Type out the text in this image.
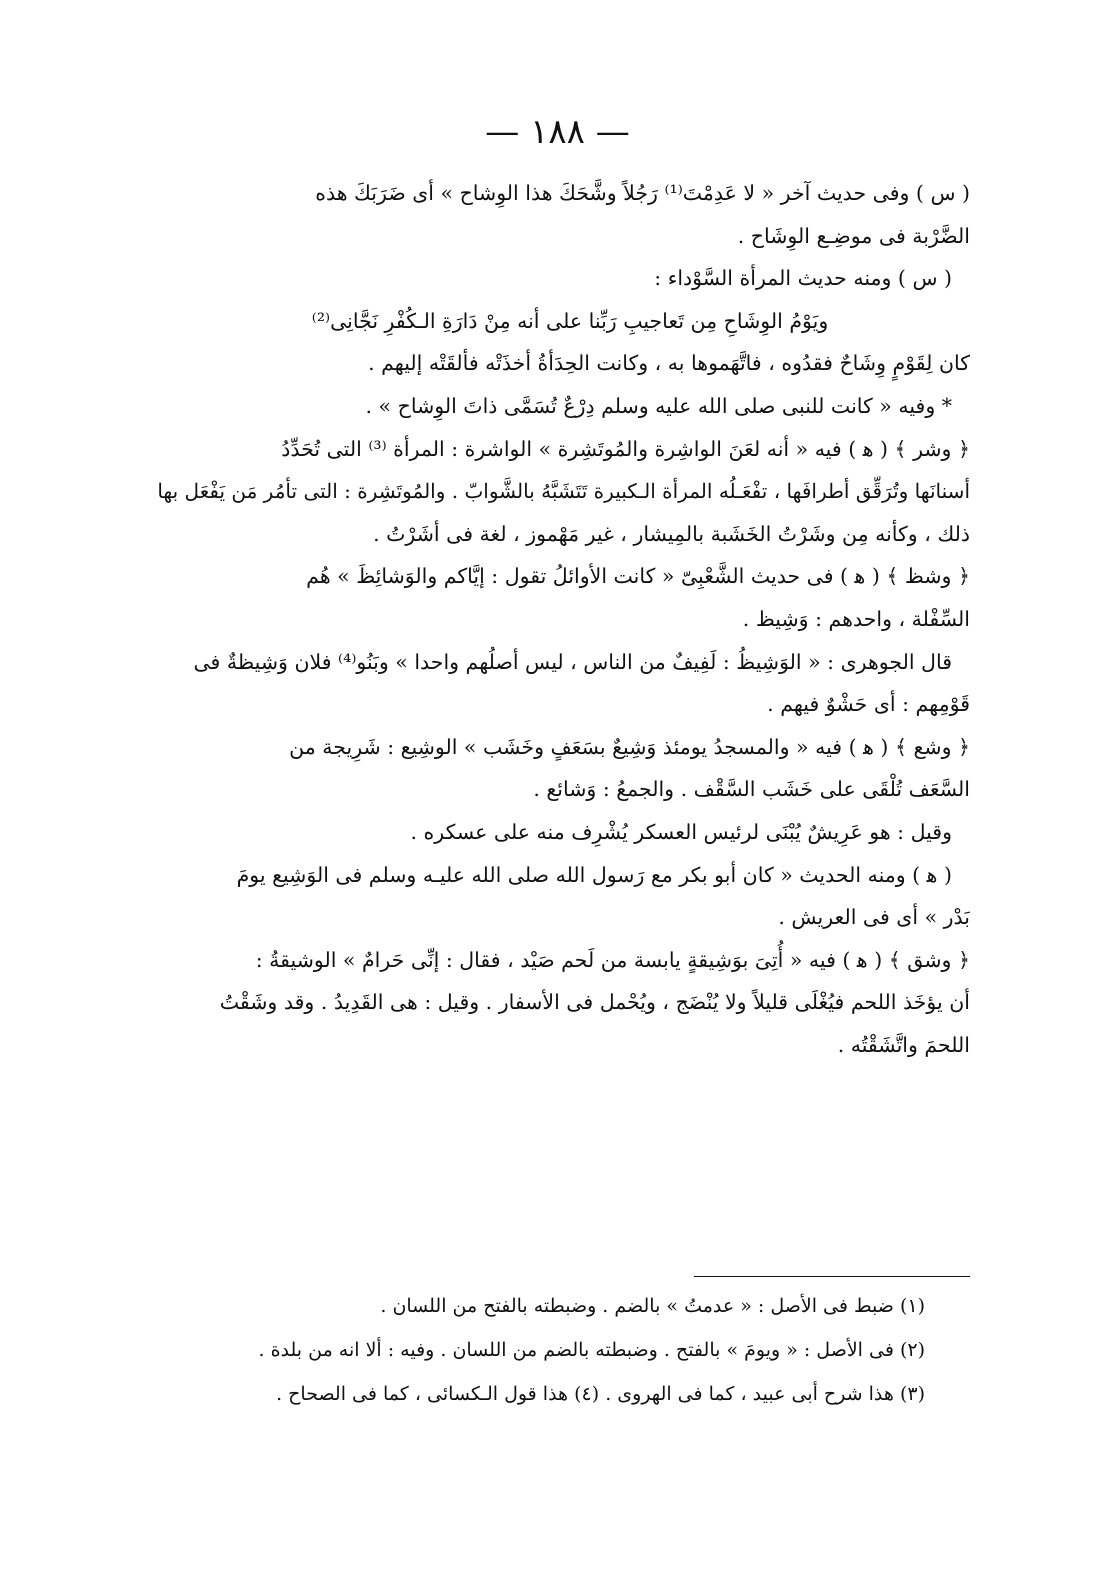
— ١٨٨ —
( س ) وفى حديث آخر « لا عَدِمْتَ⁽¹⁾ رَجُلاً وشَّحَكَ هذا الوِشاح » أى ضَرَبَكَ هذه
الضَّرْبة فى موضِـع الوِشَاح .
( س ) ومنه حديث المرأة السَّوْداء :
ويَوْمُ الوِشَاحِ مِن تَعاجيبِ رَبِّنا على أنه مِنْ دَارَةِ الـكُفْرِ نَجَّانِى⁽²⁾
كان لِقَوْمٍ وِشَاحٌ فقدُوه ، فاتَّهَموها به ، وكانت الحِدَأةُ أخذَتْه فألقَتْه إليهم .
* وفيه « كانت للنبى صلى الله عليه وسلم دِرْعٌ تُسَمَّى ذاتَ الوِشاح » .
﴿ وشر ﴾ ( ﻫ ) فيه « أنه لعَنَ الواشِرة والمُوتَشِرة » الواشرة : المرأة ⁽³⁾ التى تُحَدِّدُ
أسنانَها وتُرَقِّق أطرافَها ، تفْعَـلُه المرأة الـكبيرة تَتَشَبَّهُ بالشَّوابّ . والمُوتَشِرة : التى تأمُر مَن يَفْعَل بها
ذلك ، وكأنه مِن وشَرْتُ الخَشَبة بالمِيشار ، غير مَهْموز ، لغة فى أشَرْتُ .
﴿ وشظ ﴾ ( ﻫ ) فى حديث الشَّعْبِىّ « كانت الأوائلُ تقول : إيَّاكم والوَشائِظَ » هُم
السِّفْلة ، واحدهم : وَشِيظ .
قال الجوهرى : « الوَشِيظُ : لَفِيفٌ من الناس ، ليس أصلُهم واحدا » وبَنُو⁽⁴⁾ فلان وَشِيظةٌ فى
قَوْمِهم : أى حَشْوٌ فيهم .
﴿ وشع ﴾ ( ﻫ ) فيه « والمسجدُ يومئذ وَشِيعٌ بسَعَفٍ وخَشَب » الوشِيع : شَرِيجة من
السَّعَف تُلْقَى على خَشَب السَّقْف . والجمعُ : وَشائع .
وقيل : هو عَرِيشٌ يُبْنَى لرئيس العسكر يُشْرِف منه على عسكره .
( ﻫ ) ومنه الحديث « كان أبو بكر مع رَسول الله صلى الله عليـه وسلم فى الوَشِيع يومَ
بَدْر » أى فى العريش .
﴿ وشق ﴾ ( ﻫ ) فيه « أُتِىَ بوَشِيقةٍ يابسة من لَحم صَيْد ، فقال : إنِّى حَرامٌ » الوشيقةُ :
أن يؤخَذ اللحم فيُغْلَى قليلاً ولا يُنْضَج ، ويُحْمل فى الأسفار . وقيل : هى القَدِيدُ . وقد وشَقْتُ
اللحمَ واتَّشَقْتُه .
(١) ضبط فى الأصل : « عدمتُ » بالضم . وضبطته بالفتح من اللسان .
(٢) فى الأصل : « ويومَ » بالفتح . وضبطته بالضم من اللسان . وفيه : ألا انه من بلدة .
(٣) هذا شرح أبى عبيد ، كما فى الهروى . (٤) هذا قول الـكسائى ، كما فى الصحاح .
